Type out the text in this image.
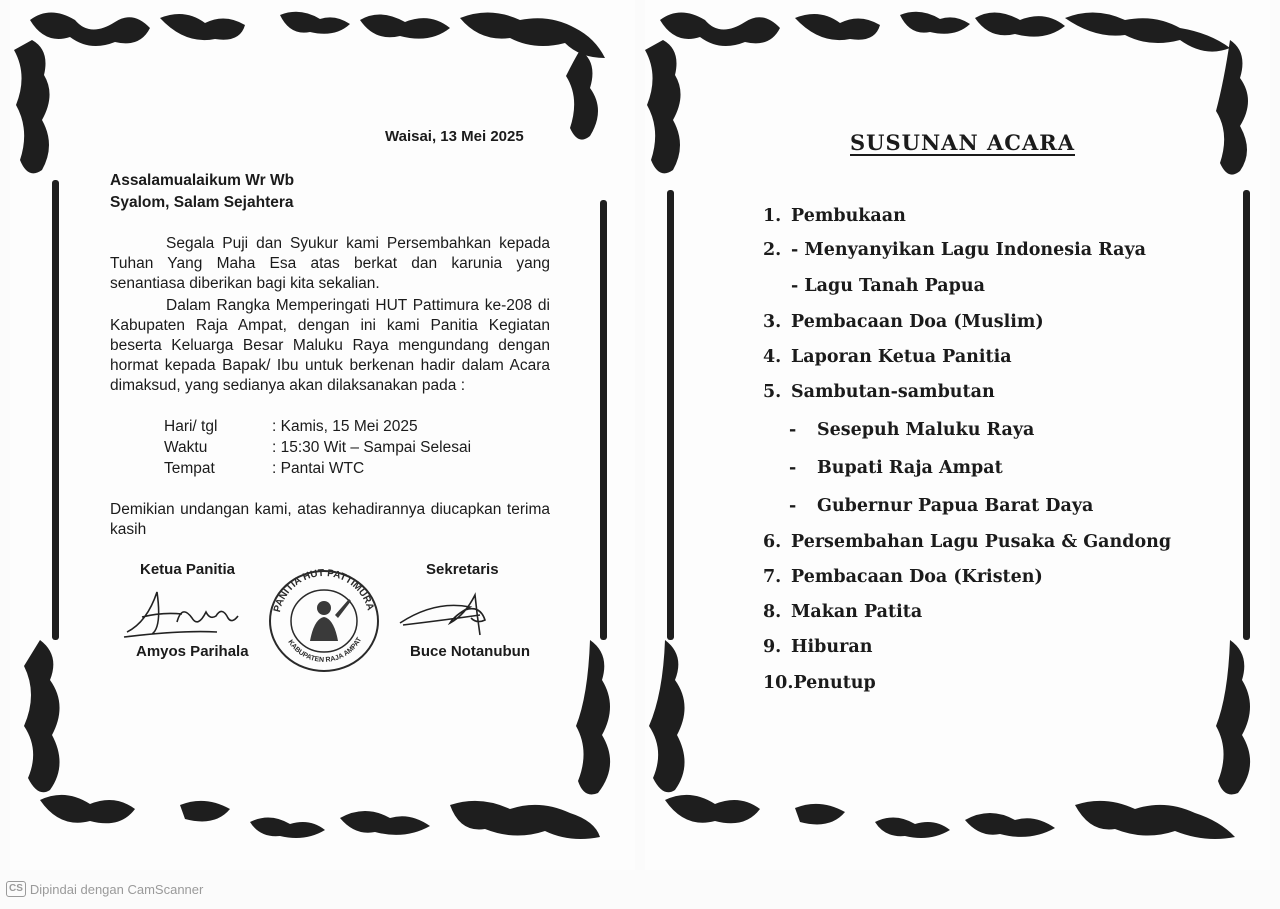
Waisai, 13 Mei 2025
Assalamualaikum Wr Wb
Syalom, Salam Sejahtera
Segala Puji dan Syukur kami Persembahkan kepada Tuhan Yang Maha Esa atas berkat dan karunia yang senantiasa diberikan bagi kita sekalian.
Dalam Rangka Memperingati HUT Pattimura ke-208 di Kabupaten Raja Ampat, dengan ini kami Panitia Kegiatan beserta Keluarga Besar Maluku Raya mengundang dengan hormat kepada Bapak/ Ibu untuk berkenan hadir dalam Acara dimaksud, yang sedianya akan dilaksanakan pada :
Hari/ tgl	: Kamis, 15 Mei 2025
Waktu	: 15:30 Wit – Sampai Selesai
Tempat	: Pantai WTC
Demikian undangan kami, atas kehadirannya diucapkan terima kasih
Ketua Panitia
Amyos Parihala
PANITIA HUT PATTIMURA
KABUPATEN RAJA AMPAT
Sekretaris
Buce Notanubun
SUSUNAN ACARA
1. Pembukaan
2. - Menyanyikan Lagu Indonesia Raya
- Lagu Tanah Papua
3. Pembacaan Doa (Muslim)
4. Laporan Ketua Panitia
5. Sambutan-sambutan
- Sesepuh Maluku Raya
- Bupati Raja Ampat
- Gubernur Papua Barat Daya
6. Persembahan Lagu Pusaka & Gandong
7. Pembacaan Doa (Kristen)
8. Makan Patita
9. Hiburan
10.Penutup
CS Dipindai dengan CamScanner
